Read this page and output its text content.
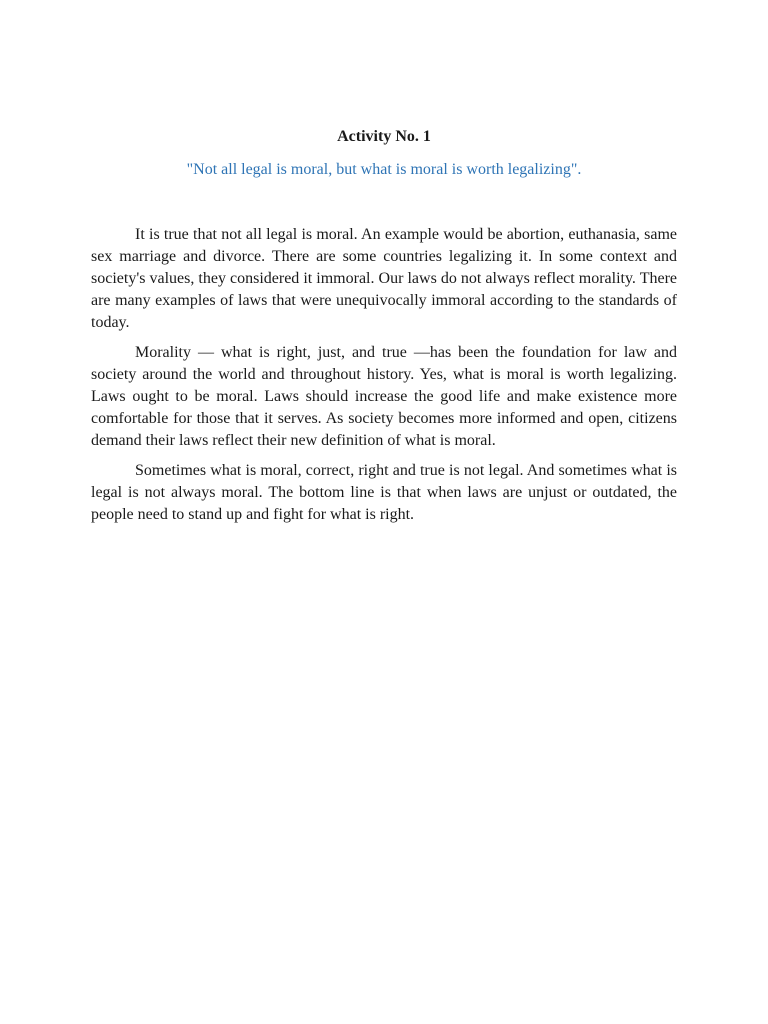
Activity No. 1
"Not all legal is moral, but what is moral is worth legalizing".

It is true that not all legal is moral. An example would be abortion, euthanasia, same sex marriage and divorce. There are some countries legalizing it. In some context and society's values, they considered it immoral. Our laws do not always reflect morality. There are many examples of laws that were unequivocally immoral according to the standards of today.

Morality — what is right, just, and true —has been the foundation for law and society around the world and throughout history. Yes, what is moral is worth legalizing. Laws ought to be moral. Laws should increase the good life and make existence more comfortable for those that it serves. As society becomes more informed and open, citizens demand their laws reflect their new definition of what is moral.

Sometimes what is moral, correct, right and true is not legal. And sometimes what is legal is not always moral. The bottom line is that when laws are unjust or outdated, the people need to stand up and fight for what is right.
